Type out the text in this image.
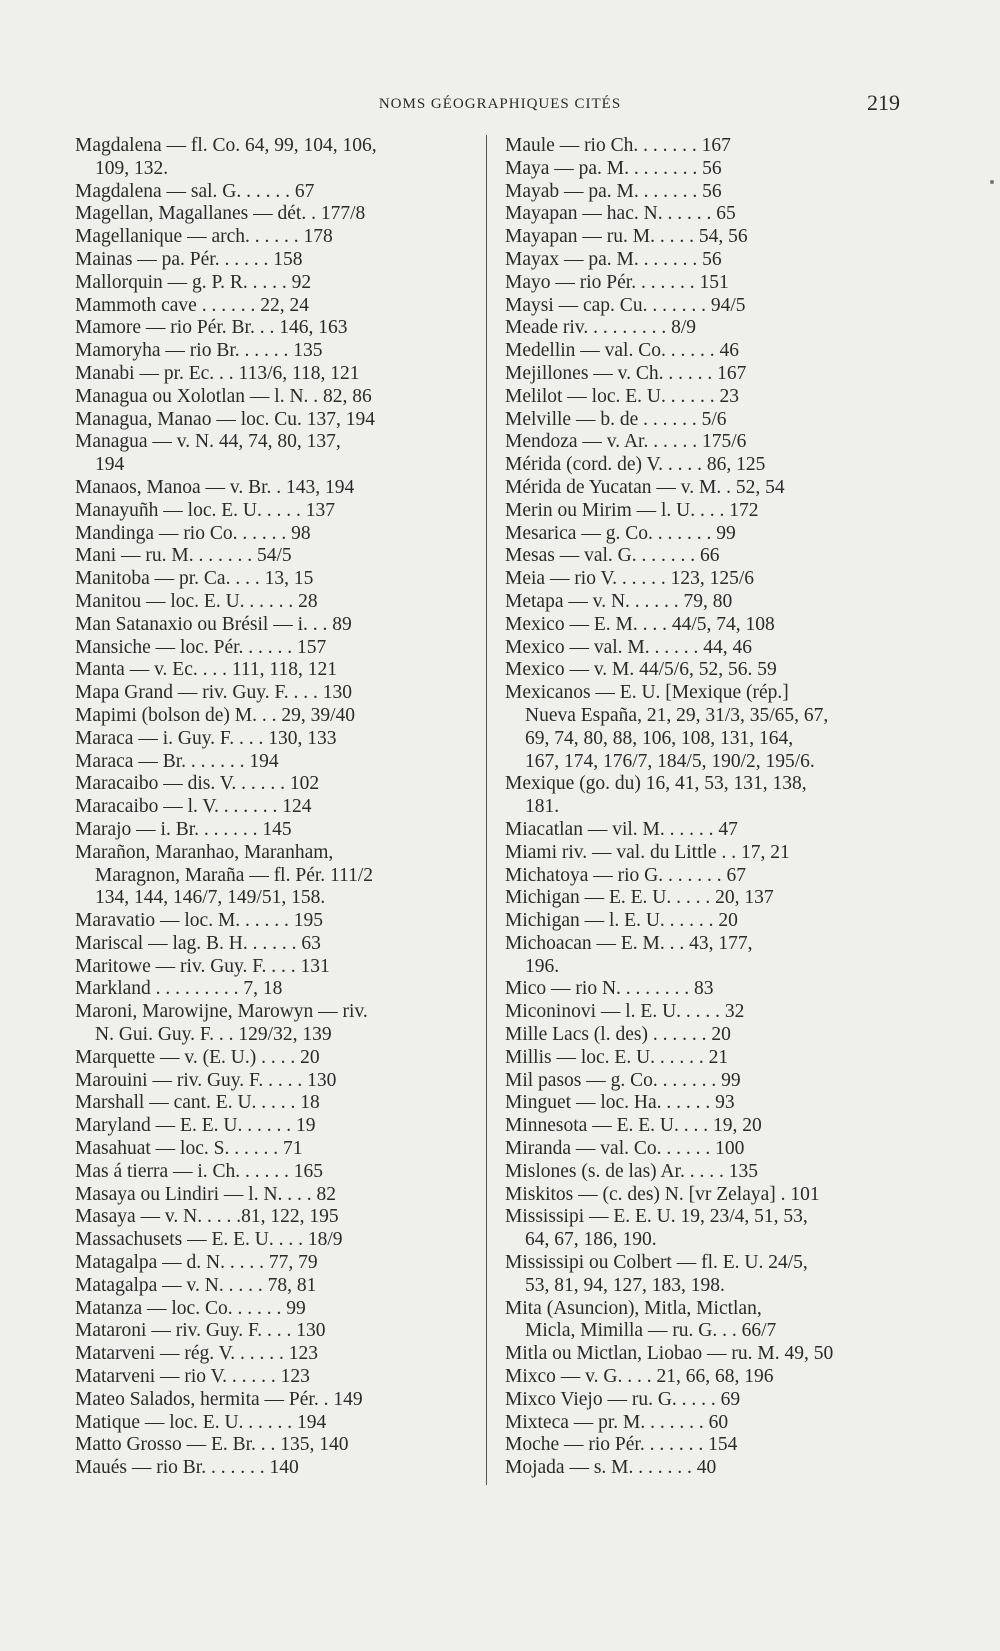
NOMS GÉOGRAPHIQUES CITÉS	219
Magdalena — fl. Co. 64, 99, 104, 106,
109, 132.
Magdalena — sal. G. . . . . . 67
Magellan, Magallanes — dét. . 177/8
Magellanique — arch. . . . . . 178
Mainas — pa. Pér. . . . . . 158
Mallorquin — g. P. R. . . . . 92
Mammoth cave . . . . . . 22, 24
Mamore — rio Pér. Br. . . 146, 163
Mamoryha — rio Br. . . . . . 135
Manabi — pr. Ec. . . 113/6, 118, 121
Managua ou Xolotlan — l. N. . 82, 86
Managua, Manao — loc. Cu. 137, 194
Managua — v. N. 44, 74, 80, 137,
194
Manaos, Manoa — v. Br. . 143, 194
Manayuñh — loc. E. U. . . . . 137
Mandinga — rio Co. . . . . . 98
Mani — ru. M. . . . . . . 54/5
Manitoba — pr. Ca. . . . 13, 15
Manitou — loc. E. U. . . . . . 28
Man Satanaxio ou Brésil — i. . . 89
Mansiche — loc. Pér. . . . . . 157
Manta — v. Ec. . . . 111, 118, 121
Mapa Grand — riv. Guy. F. . . . 130
Mapimi (bolson de) M. . . 29, 39/40
Maraca — i. Guy. F. . . . 130, 133
Maraca — Br. . . . . . . 194
Maracaibo — dis. V. . . . . . 102
Maracaibo — l. V. . . . . . . 124
Marajo — i. Br. . . . . . . 145
Marañon, Maranhao, Maranham,
Maragnon, Maraña — fl. Pér. 111/2
134, 144, 146/7, 149/51, 158.
Maravatio — loc. M. . . . . . 195
Mariscal — lag. B. H. . . . . . 63
Maritowe — riv. Guy. F. . . . 131
Markland . . . . . . . . . 7, 18
Maroni, Marowijne, Marowyn — riv.
N. Gui. Guy. F. . . 129/32, 139
Marquette — v. (E. U.) . . . . 20
Marouini — riv. Guy. F. . . . . 130
Marshall — cant. E. U. . . . . 18
Maryland — E. E. U. . . . . . 19
Masahuat — loc. S. . . . . . 71
Mas á tierra — i. Ch. . . . . . 165
Masaya ou Lindiri — l. N. . . . 82
Masaya — v. N. . . . .81, 122, 195
Massachusets — E. E. U. . . . 18/9
Matagalpa — d. N. . . . . 77, 79
Matagalpa — v. N. . . . . 78, 81
Matanza — loc. Co. . . . . . 99
Mataroni — riv. Guy. F. . . . 130
Matarveni — rég. V. . . . . . 123
Matarveni — rio V. . . . . . 123
Mateo Salados, hermita — Pér. . 149
Matique — loc. E. U. . . . . . 194
Matto Grosso — E. Br. . . 135, 140
Maués — rio Br. . . . . . . 140
Maule — rio Ch. . . . . . . 167
Maya — pa. M. . . . . . . . 56
Mayab — pa. M. . . . . . . 56
Mayapan — hac. N. . . . . . 65
Mayapan — ru. M. . . . . 54, 56
Mayax — pa. M. . . . . . . 56
Mayo — rio Pér. . . . . . . 151
Maysi — cap. Cu. . . . . . . 94/5
Meade riv. . . . . . . . . 8/9
Medellin — val. Co. . . . . . 46
Mejillones — v. Ch. . . . . . 167
Melilot — loc. E. U. . . . . . 23
Melville — b. de . . . . . . 5/6
Mendoza — v. Ar. . . . . . 175/6
Mérida (cord. de) V. . . . . 86, 125
Mérida de Yucatan — v. M. . 52, 54
Merin ou Mirim — l. U. . . . 172
Mesarica — g. Co. . . . . . . 99
Mesas — val. G. . . . . . . 66
Meia — rio V. . . . . . 123, 125/6
Metapa — v. N. . . . . . 79, 80
Mexico — E. M. . . . 44/5, 74, 108
Mexico — val. M. . . . . . 44, 46
Mexico — v. M. 44/5/6, 52, 56. 59
Mexicanos — E. U. [Mexique (rép.]
Nueva España, 21, 29, 31/3, 35/65, 67,
69, 74, 80, 88, 106, 108, 131, 164,
167, 174, 176/7, 184/5, 190/2, 195/6.
Mexique (go. du) 16, 41, 53, 131, 138,
181.
Miacatlan — vil. M. . . . . . 47
Miami riv. — val. du Little . . 17, 21
Michatoya — rio G. . . . . . . 67
Michigan — E. E. U. . . . . 20, 137
Michigan — l. E. U. . . . . . 20
Michoacan — E. M. . . 43, 177,
196.
Mico — rio N. . . . . . . . 83
Miconinovi — l. E. U. . . . . 32
Mille Lacs (l. des) . . . . . . 20
Millis — loc. E. U. . . . . . 21
Mil pasos — g. Co. . . . . . . 99
Minguet — loc. Ha. . . . . . 93
Minnesota — E. E. U. . . . 19, 20
Miranda — val. Co. . . . . . 100
Mislones (s. de las) Ar. . . . . 135
Miskitos — (c. des) N. [vr Zelaya] . 101
Mississipi — E. E. U. 19, 23/4, 51, 53,
64, 67, 186, 190.
Mississipi ou Colbert — fl. E. U. 24/5,
53, 81, 94, 127, 183, 198.
Mita (Asuncion), Mitla, Mictlan,
Micla, Mimilla — ru. G. . . 66/7
Mitla ou Mictlan, Liobao — ru. M. 49, 50
Mixco — v. G. . . . 21, 66, 68, 196
Mixco Viejo — ru. G. . . . . 69
Mixteca — pr. M. . . . . . . 60
Moche — rio Pér. . . . . . . 154
Mojada — s. M. . . . . . . 40
